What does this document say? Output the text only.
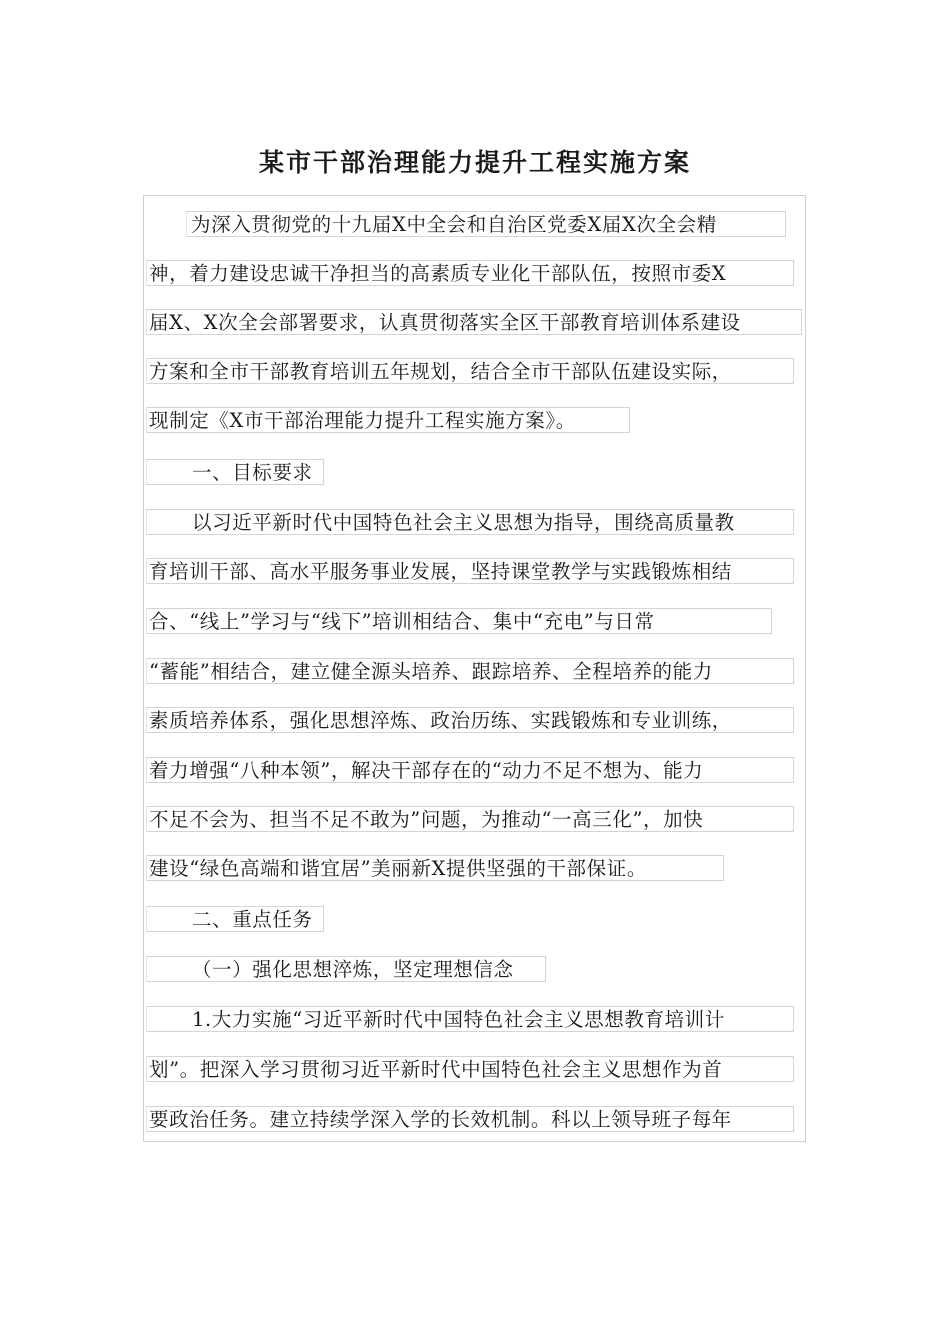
某市干部治理能力提升工程实施方案
为深入贯彻党的十九届X中全会和自治区党委X届X次全会精
神，着力建设忠诚干净担当的高素质专业化干部队伍，按照市委X
届X、X次全会部署要求，认真贯彻落实全区干部教育培训体系建设
方案和全市干部教育培训五年规划，结合全市干部队伍建设实际，
现制定《X市干部治理能力提升工程实施方案》。
一、目标要求
以习近平新时代中国特色社会主义思想为指导，围绕高质量教
育培训干部、高水平服务事业发展，坚持课堂教学与实践锻炼相结
合、“线上”学习与“线下”培训相结合、集中“充电”与日常
“蓄能”相结合，建立健全源头培养、跟踪培养、全程培养的能力
素质培养体系，强化思想淬炼、政治历练、实践锻炼和专业训练，
着力增强“八种本领”，解决干部存在的“动力不足不想为、能力
不足不会为、担当不足不敢为”问题，为推动“一高三化”，加快
建设“绿色高端和谐宜居”美丽新X提供坚强的干部保证。
二、重点任务
（一）强化思想淬炼，坚定理想信念
1.大力实施“习近平新时代中国特色社会主义思想教育培训计
划”。把深入学习贯彻习近平新时代中国特色社会主义思想作为首
要政治任务。建立持续学深入学的长效机制。科以上领导班子每年
